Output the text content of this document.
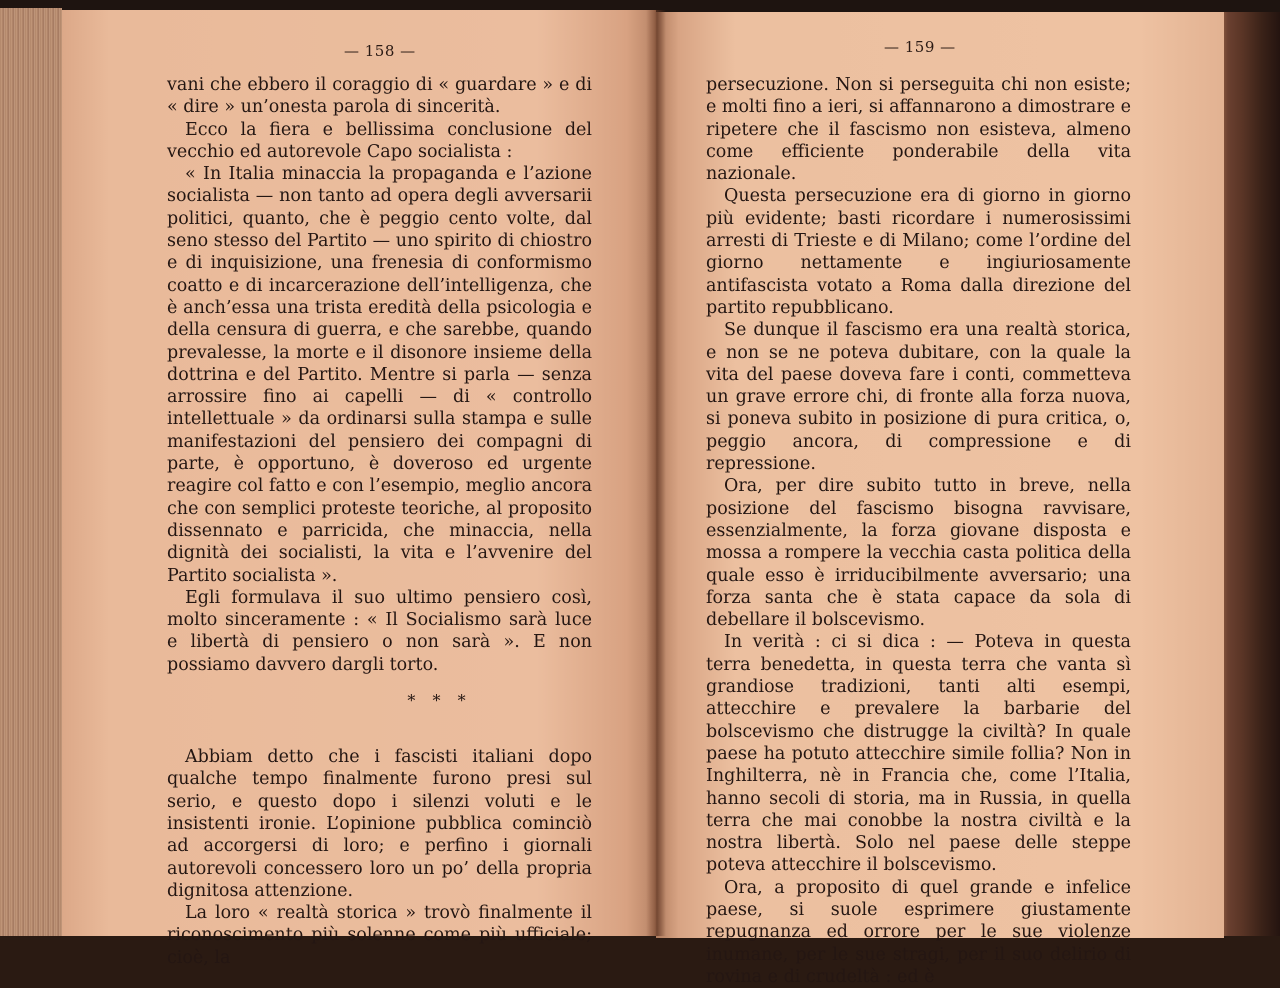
— 158 —

vani che ebbero il coraggio di « guardare » e di « dire » un’onesta parola di sincerità.

Ecco la fiera e bellissima conclusione del vecchio ed autorevole Capo socialista :

« In Italia minaccia la propaganda e l’azione socialista — non tanto ad opera degli avversarii politici, quanto, che è peggio cento volte, dal seno stesso del Partito — uno spirito di chiostro e di inquisizione, una frenesia di conformismo coatto e di incarcerazione dell’intelligenza, che è anch’essa una trista eredità della psicologia e della censura di guerra, e che sarebbe, quando prevalesse, la morte e il disonore insieme della dottrina e del Partito. Mentre si parla — senza arrossire fino ai capelli — di « controllo intellettuale » da ordinarsi sulla stampa e sulle manifestazioni del pensiero dei compagni di parte, è opportuno, è doveroso ed urgente reagire col fatto e con l’esempio, meglio ancora che con semplici proteste teoriche, al proposito dissennato e parricida, che minaccia, nella dignità dei socialisti, la vita e l’avvenire del Partito socialista ».

Egli formulava il suo ultimo pensiero così, molto sinceramente : « Il Socialismo sarà luce e libertà di pensiero o non sarà ». E non possiamo davvero dargli torto.

* * *

Abbiam detto che i fascisti italiani dopo qualche tempo finalmente furono presi sul serio, e questo dopo i silenzi voluti e le insistenti ironie. L’opinione pubblica cominciò ad accorgersi di loro; e perfino i giornali autorevoli concessero loro un po’ della propria dignitosa attenzione.

La loro « realtà storica » trovò finalmente il riconoscimento più solenne come più ufficiale; cioè, la

— 159 —

persecuzione. Non si perseguita chi non esiste; e molti fino a ieri, si affannarono a dimostrare e ripetere che il fascismo non esisteva, almeno come efficiente ponderabile della vita nazionale.

Questa persecuzione era di giorno in giorno più evidente; basti ricordare i numerosissimi arresti di Trieste e di Milano; come l’ordine del giorno nettamente e ingiuriosamente antifascista votato a Roma dalla direzione del partito repubblicano.

Se dunque il fascismo era una realtà storica, e non se ne poteva dubitare, con la quale la vita del paese doveva fare i conti, commetteva un grave errore chi, di fronte alla forza nuova, si poneva subito in posizione di pura critica, o, peggio ancora, di compressione e di repressione.

Ora, per dire subito tutto in breve, nella posizione del fascismo bisogna ravvisare, essenzialmente, la forza giovane disposta e mossa a rompere la vecchia casta politica della quale esso è irriducibilmente avversario; una forza santa che è stata capace da sola di debellare il bolscevismo.

In verità : ci si dica : — Poteva in questa terra benedetta, in questa terra che vanta sì grandiose tradizioni, tanti alti esempi, attecchire e prevalere la barbarie del bolscevismo che distrugge la civiltà? In quale paese ha potuto attecchire simile follia? Non in Inghilterra, nè in Francia che, come l’Italia, hanno secoli di storia, ma in Russia, in quella terra che mai conobbe la nostra civiltà e la nostra libertà. Solo nel paese delle steppe poteva attecchire il bolscevismo.

Ora, a proposito di quel grande e infelice paese, si suole esprimere giustamente repugnanza ed orrore per le sue violenze inumane, per le sue stragi, per il suo delirio di rovina e di crudeltà : ed è
